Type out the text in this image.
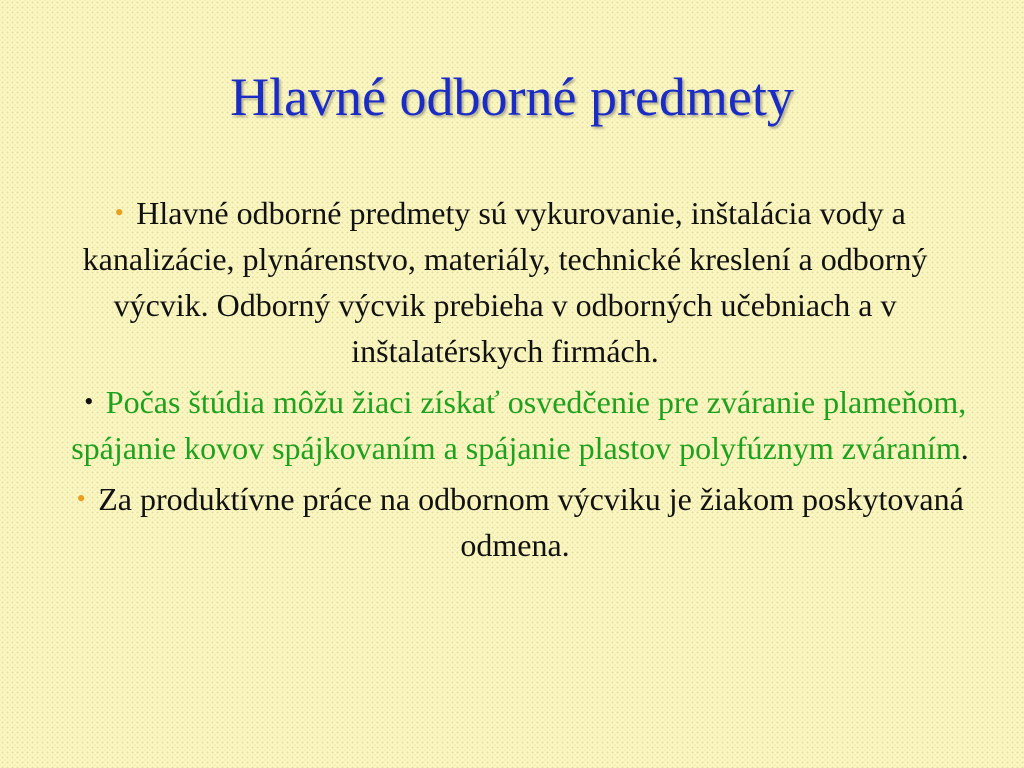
Hlavné odborné predmety

• Hlavné odborné predmety sú vykurovanie, inštalácia vody a kanalizácie, plynárenstvo, materiály, technické kreslení a odborný výcvik. Odborný výcvik prebieha v odborných učebniach a v inštalatérskych firmách.

• Počas štúdia môžu žiaci získať osvedčenie pre zváranie plameňom, spájanie kovov spájkovaním a spájanie plastov polyfúznym zváraním.

• Za produktívne práce na odbornom výcviku je žiakom poskytovaná odmena.
